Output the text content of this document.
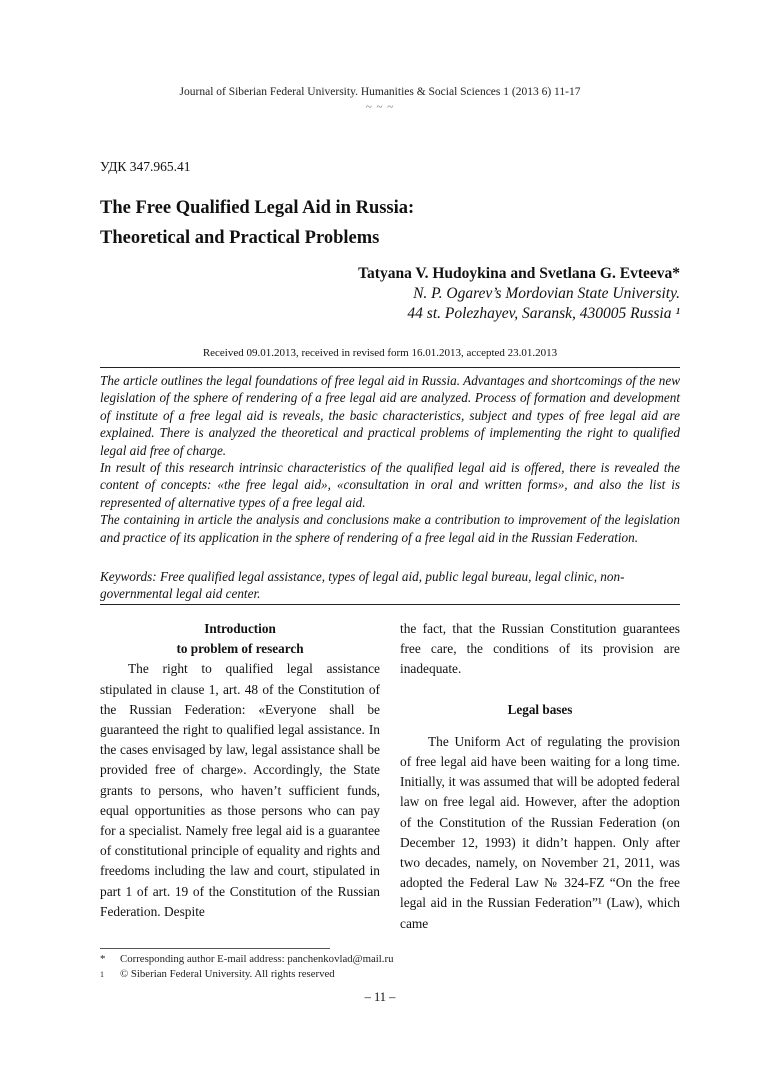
Journal of Siberian Federal University. Humanities & Social Sciences 1 (2013 6) 11-17
~ ~ ~
УДК 347.965.41
The Free Qualified Legal Aid in Russia:
Theoretical and Practical Problems
Tatyana V. Hudoykina and Svetlana G. Evteeva*
N. P. Ogarev’s Mordovian State University.
44 st. Polezhayev, Saransk, 430005 Russia ¹
Received 09.01.2013, received in revised form 16.01.2013, accepted 23.01.2013

The article outlines the legal foundations of free legal aid in Russia. Advantages and shortcomings of the new legislation of the sphere of rendering of a free legal aid are analyzed. Process of formation and development of institute of a free legal aid is reveals, the basic characteristics, subject and types of free legal aid are explained. There is analyzed the theoretical and practical problems of implementing the right to qualified legal aid free of charge.

In result of this research intrinsic characteristics of the qualified legal aid is offered, there is revealed the content of concepts: «the free legal aid», «consultation in oral and written forms», and also the list is represented of alternative types of a free legal aid.

The containing in article the analysis and conclusions make a contribution to improvement of the legislation and practice of its application in the sphere of rendering of a free legal aid in the Russian Federation.

Keywords: Free qualified legal assistance, types of legal aid, public legal bureau, legal clinic, non-governmental legal aid center.
Introduction
to problem of research

The right to qualified legal assistance stipulated in clause 1, art. 48 of the Constitution of the Russian Federation: «Everyone shall be guaranteed the right to qualified legal assistance. In the cases envisaged by law, legal assistance shall be provided free of charge». Accordingly, the State grants to persons, who haven’t sufficient funds, equal opportunities as those persons who can pay for a specialist. Namely free legal aid is a guarantee of constitutional principle of equality and rights and freedoms including the law and court, stipulated in part 1 of art. 19 of the Constitution of the Russian Federation. Despite

the fact, that the Russian Constitution guarantees free care, the conditions of its provision are inadequate.

Legal bases

The Uniform Act of regulating the provision of free legal aid have been waiting for a long time. Initially, it was assumed that will be adopted federal law on free legal aid. However, after the adoption of the Constitution of the Russian Federation (on December 12, 1993) it didn’t happen. Only after two decades, namely, on November 21, 2011, was adopted the Federal Law № 324-FZ “On the free legal aid in the Russian Federation”¹ (Law), which came

* Corresponding author E-mail address: panchenkovlad@mail.ru
1 © Siberian Federal University. All rights reserved
– 11 –
